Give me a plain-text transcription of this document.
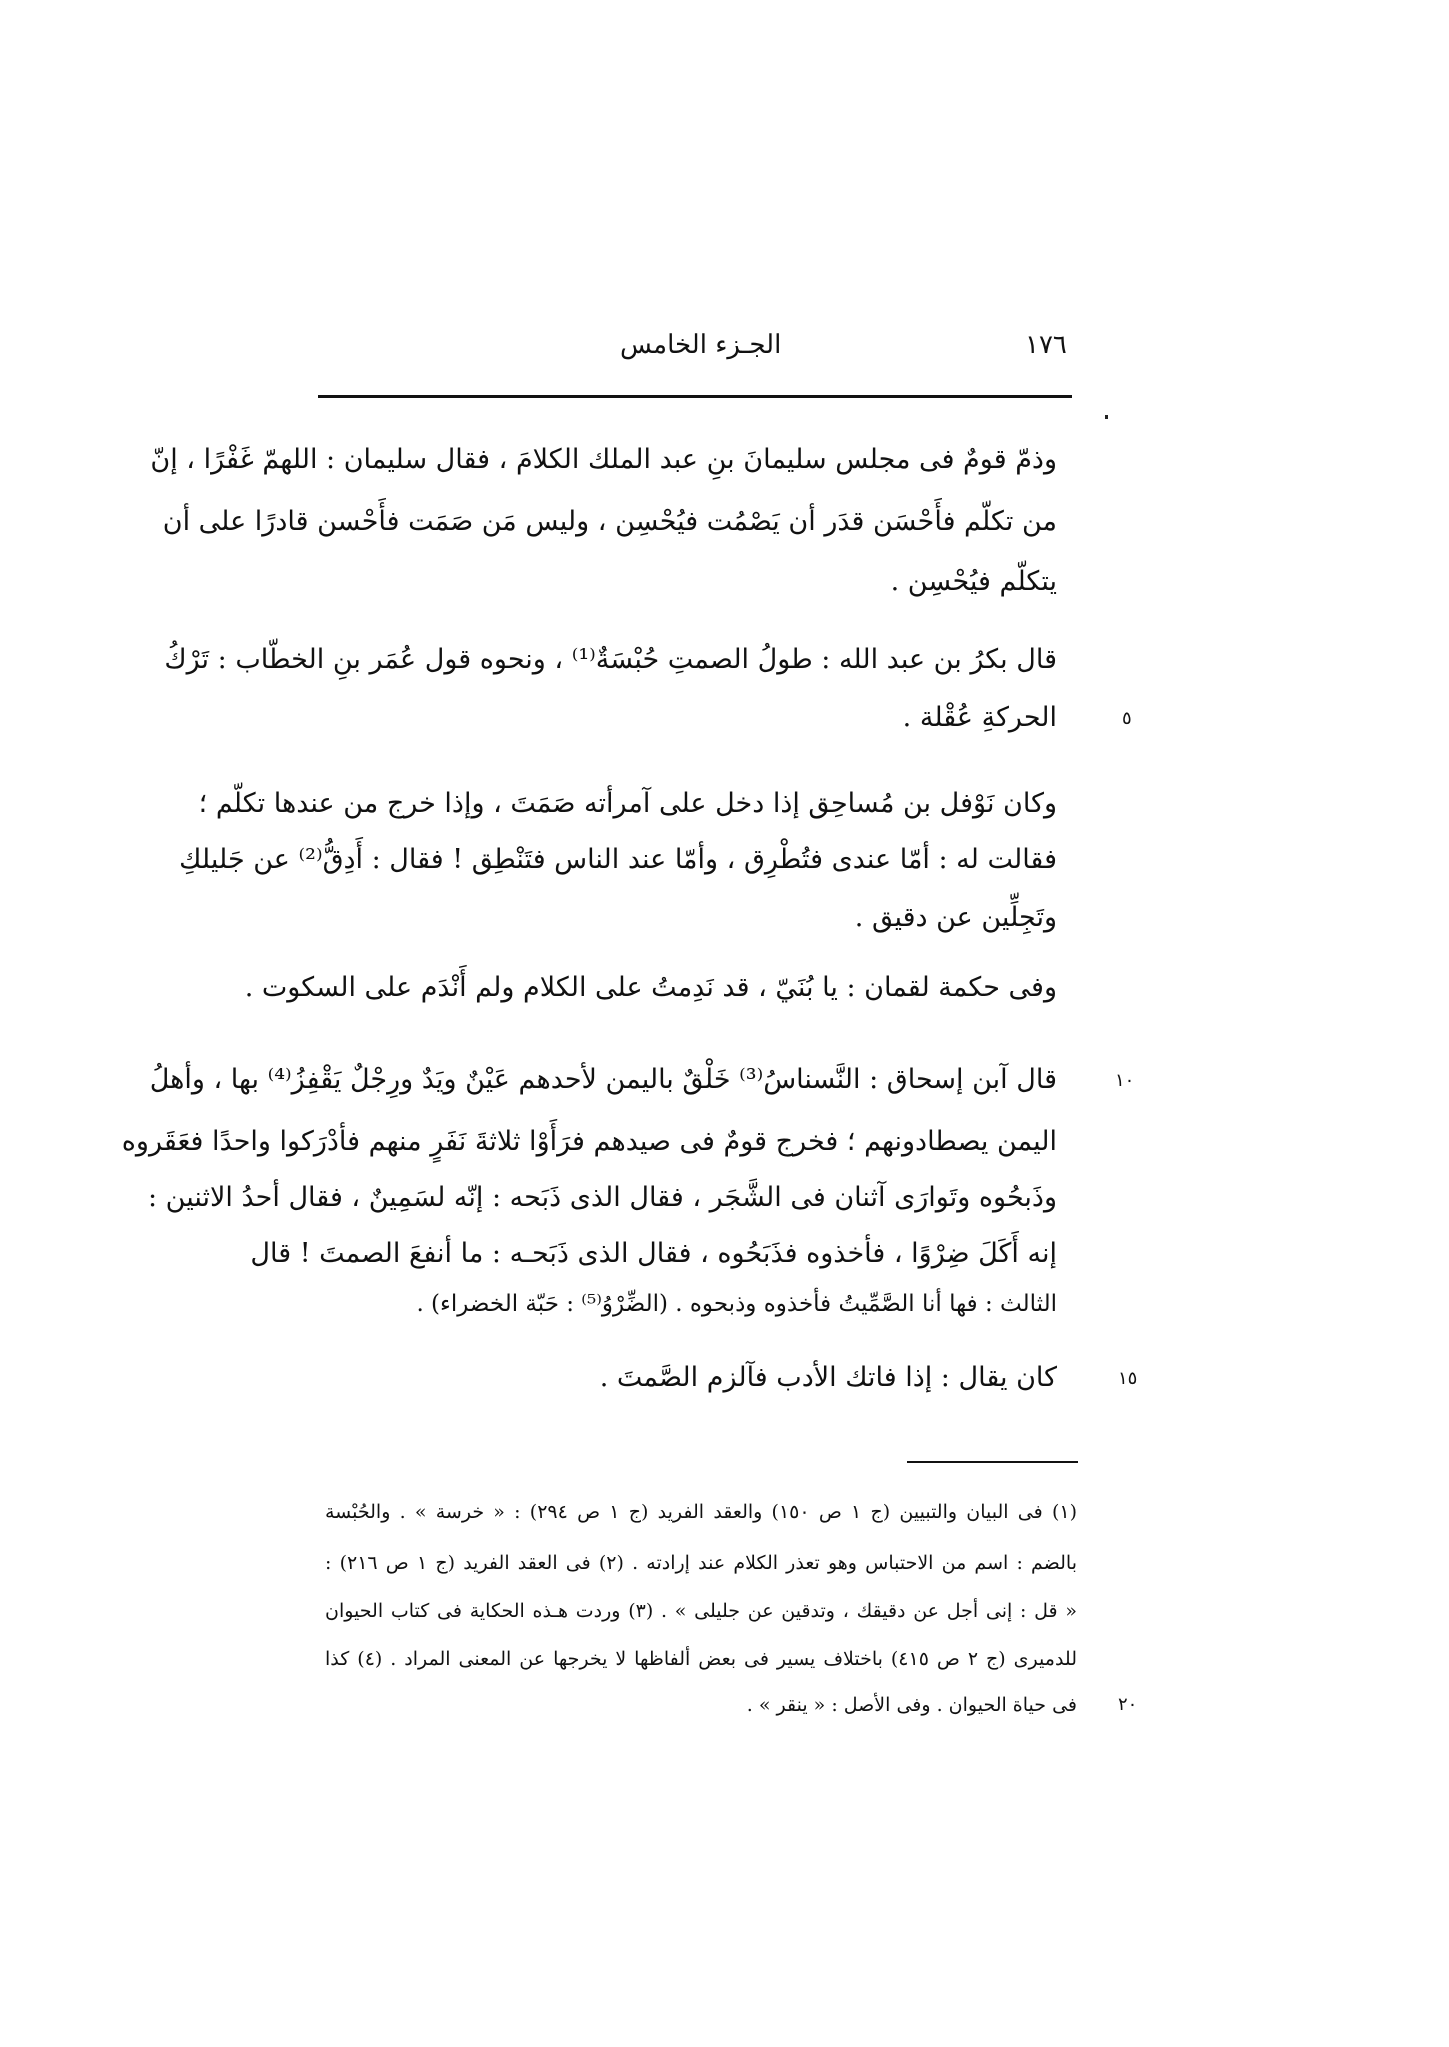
١٧٦
الجـزء الخامس
وذمّ قومٌ فى مجلس سليمانَ بنِ عبد الملك الكلامَ ، فقال سليمان : اللهمّ غَفْرًا ، إنّ
من تكلّم فأَحْسَن قدَر أن يَصْمُت فيُحْسِن ، وليس مَن صَمَت فأَحْسن قادرًا على أن
يتكلّم فيُحْسِن .
قال بكرُ بن عبد الله : طولُ الصمتِ حُبْسَةٌ⁽¹⁾ ، ونحوه قول عُمَر بنِ الخطّاب : تَرْكُ
الحركةِ عُقْلة .	٥
وكان نَوْفل بن مُساحِق إذا دخل على آمرأته صَمَتَ ، وإذا خرج من عندها تكلّم ؛
فقالت له : أمّا عندى فتُطْرِق ، وأمّا عند الناس فتَنْطِق ! فقال : أَدِقُّ⁽²⁾ عن جَليلكِ
وتَجِلِّين عن دقيق .
وفى حكمة لقمان : يا بُنَيّ ، قد نَدِمتُ على الكلام ولم أَنْدَم على السكوت .
قال آبن إسحاق : النَّسناسُ⁽³⁾ خَلْقٌ باليمن لأحدهم عَيْنٌ ويَدٌ ورِجْلٌ يَقْفِزُ⁽⁴⁾ بها ، وأهلُ	١٠
اليمن يصطادونهم ؛ فخرج قومٌ فى صيدهم فرَأَوْا ثلاثةَ نَفَرٍ منهم فأدْرَكوا واحدًا فعَقَروه
وذَبحُوه وتَوارَى آثنان فى الشَّجَر ، فقال الذى ذَبَحه : إنّه لسَمِينٌ ، فقال أحدُ الاثنين :
إنه أَكَلَ ضِرْوًا ، فأخذوه فذَبَحُوه ، فقال الذى ذَبَحـه : ما أنفعَ الصمتَ ! قال
الثالث : فها أنا الصَّمِّيتُ فأخذوه وذبحوه . (الضِّرْوُ⁽⁵⁾ : حَبّة الخضراء) .
كان يقال : إذا فاتك الأدب فآلزم الصَّمتَ .	١٥
(١) فى البيان والتبيين (ج ١ ص ١٥٠) والعقد الفريد (ج ١ ص ٢٩٤) : « خرسة » . والحُبْسة
بالضم : اسم من الاحتباس وهو تعذر الكلام عند إرادته . (٢) فى العقد الفريد (ج ١ ص ٢١٦) :
« قل : إنى أجل عن دقيقك ، وتدقين عن جليلى » . (٣) وردت هـذه الحكاية فى كتاب الحيوان
للدميرى (ج ٢ ص ٤١٥) باختلاف يسير فى بعض ألفاظها لا يخرجها عن المعنى المراد . (٤) كذا
فى حياة الحيوان . وفى الأصل : « ينقر » . ٢٠
